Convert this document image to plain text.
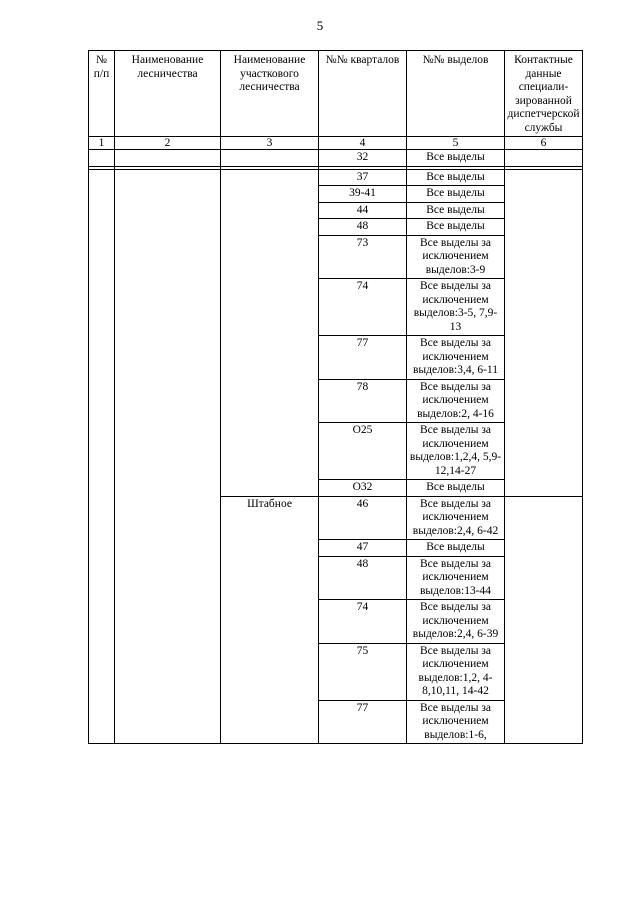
5
№ п/п	Наименование лесничества	Наименование участкового лесничества	№№ кварталов	№№ выделов	Контактные данные специали-зированной диспетчерской службы
1	2	3	4	5	6
			32	Все выделы	

			37	Все выделы	
			39-41	Все выделы	
			44	Все выделы	
			48	Все выделы	
			73	Все выделы за исключением выделов:3-9	
			74	Все выделы за исключением выделов:3-5, 7,9-13	
			77	Все выделы за исключением выделов:3,4, 6-11	
			78	Все выделы за исключением выделов:2, 4-16	
			О25	Все выделы за исключением выделов:1,2,4, 5,9-12,14-27	
			О32	Все выделы	
		Штабное	46	Все выделы за исключением выделов:2,4, 6-42	
			47	Все выделы	
			48	Все выделы за исключением выделов:13-44	
			74	Все выделы за исключением выделов:2,4, 6-39	
			75	Все выделы за исключением выделов:1,2, 4-8,10,11, 14-42	
			77	Все выделы за исключением выделов:1-6,	
